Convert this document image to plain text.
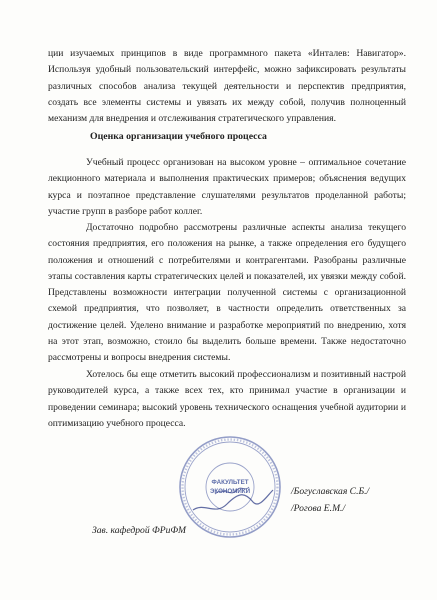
ции изучаемых принципов в виде программного пакета «Инталев: Навигатор». Используя удобный пользовательский интерфейс, можно зафиксировать результаты различных способов анализа текущей деятельности и перспектив предприятия, создать все элементы системы и увязать их между собой, получив полноценный механизм для внедрения и отслеживания стратегического управления.

Оценка организации учебного процесса

Учебный процесс организован на высоком уровне – оптимальное сочетание лекционного материала и выполнения практических примеров; объяснения ведущих курса и поэтапное представление слушателями результатов проделанной работы; участие групп в разборе работ коллег.

Достаточно подробно рассмотрены различные аспекты анализа текущего состояния предприятия, его положения на рынке, а также определения его будущего положения и отношений с потребителями и контрагентами. Разобраны различные этапы составления карты стратегических целей и показателей, их увязки между собой. Представлены возможности интеграции полученной системы с организационной схемой предприятия, что позволяет, в частности определить ответственных за достижение целей. Уделено внимание и разработке мероприятий по внедрению, хотя на этот этап, возможно, стоило бы выделить больше времени. Также недостаточно рассмотрены и вопросы внедрения системы.

Хотелось бы еще отметить высокий профессионализм и позитивный настрой руководителей курса, а также всех тех, кто принимал участие в организации и проведении семинара; высокий уровень технического оснащения учебной аудитории и оптимизацию учебного процесса.

ФАКУЛЬТЕТ
ЭКОНОМИКИ
Зав. кафедрой ФРиФМ
/Богуславская С.Б./
/Рогова Е.М./
